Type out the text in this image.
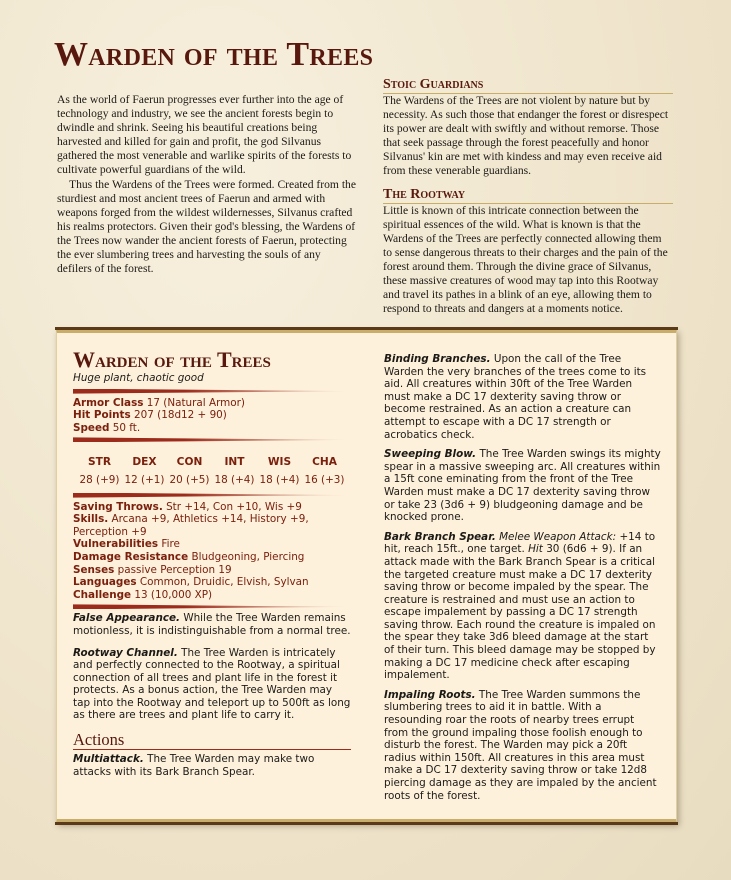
Warden of the Trees

As the world of Faerun progresses ever further into the age of technology and industry, we see the ancient forests begin to dwindle and shrink. Seeing his beautiful creations being harvested and killed for gain and profit, the god Silvanus gathered the most venerable and warlike spirits of the forests to cultivate powerful guardians of the wild.

Thus the Wardens of the Trees were formed. Created from the sturdiest and most ancient trees of Faerun and armed with weapons forged from the wildest wildernesses, Silvanus crafted his realms protectors. Given their god's blessing, the Wardens of the Trees now wander the ancient forests of Faerun, protecting the ever slumbering trees and harvesting the souls of any defilers of the forest.

Stoic Guardians

The Wardens of the Trees are not violent by nature but by necessity. As such those that endanger the forest or disrespect its power are dealt with swiftly and without remorse. Those that seek passage through the forest peacefully and honor Silvanus' kin are met with kindess and may even receive aid from these venerable guardians.

The Rootway

Little is known of this intricate connection between the spiritual essences of the wild. What is known is that the Wardens of the Trees are perfectly connected allowing them to sense dangerous threats to their charges and the pain of the forest around them. Through the divine grace of Silvanus, these massive creatures of wood may tap into this Rootway and travel its pathes in a blink of an eye, allowing them to respond to threats and dangers at a moments notice.

Warden of the Trees

Huge plant, chaotic good

Armor Class 17 (Natural Armor)

Hit Points 207 (18d12 + 90)

Speed 50 ft.

STR
28 (+9)
DEX
12 (+1)
CON
20 (+5)
INT
18 (+4)
WIS
18 (+4)
CHA
16 (+3)

Saving Throws. Str +14, Con +10, Wis +9

Skills. Arcana +9, Athletics +14, History +9, Perception +9

Vulnerabilities Fire

Damage Resistance Bludgeoning, Piercing

Senses passive Perception 19

Languages Common, Druidic, Elvish, Sylvan

Challenge 13 (10,000 XP)

False Appearance. While the Tree Warden remains motionless, it is indistinguishable from a normal tree.

Rootway Channel. The Tree Warden is intricately and perfectly connected to the Rootway, a spiritual connection of all trees and plant life in the forest it protects. As a bonus action, the Tree Warden may tap into the Rootway and teleport up to 500ft as long as there are trees and plant life to carry it.

Actions

Multiattack. The Tree Warden may make two attacks with its Bark Branch Spear.

Binding Branches. Upon the call of the Tree Warden the very branches of the trees come to its aid. All creatures within 30ft of the Tree Warden must make a DC 17 dexterity saving throw or become restrained. As an action a creature can attempt to escape with a DC 17 strength or acrobatics check.

Sweeping Blow. The Tree Warden swings its mighty spear in a massive sweeping arc. All creatures within a 15ft cone eminating from the front of the Tree Warden must make a DC 17 dexterity saving throw or take 23 (3d6 + 9) bludgeoning damage and be knocked prone.

Bark Branch Spear. Melee Weapon Attack: +14 to hit, reach 15ft., one target. Hit 30 (6d6 + 9). If an attack made with the Bark Branch Spear is a critical the targeted creature must make a DC 17 dexterity saving throw or become impaled by the spear. The creature is restrained and must use an action to escape impalement by passing a DC 17 strength saving throw. Each round the creature is impaled on the spear they take 3d6 bleed damage at the start of their turn. This bleed damage may be stopped by making a DC 17 medicine check after escaping impalement.

Impaling Roots. The Tree Warden summons the slumbering trees to aid it in battle. With a resounding roar the roots of nearby trees errupt from the ground impaling those foolish enough to disturb the forest. The Warden may pick a 20ft radius within 150ft. All creatures in this area must make a DC 17 dexterity saving throw or take 12d8 piercing damage as they are impaled by the ancient roots of the forest.
